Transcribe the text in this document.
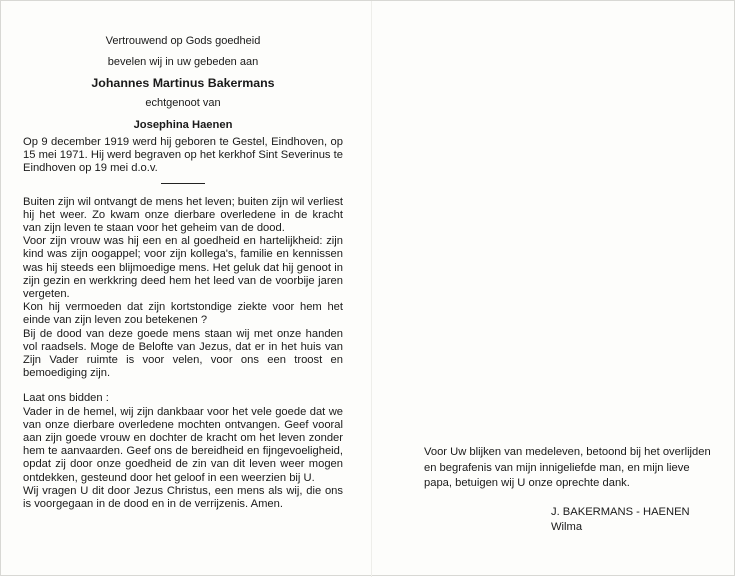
Vertrouwend op Gods goedheid
bevelen wij in uw gebeden aan
Johannes Martinus Bakermans
echtgenoot van
Josephina Haenen

Op 9 december 1919 werd hij geboren te Gestel, Eindhoven, op 15 mei 1971. Hij werd begraven op het kerkhof Sint Severinus te Eindhoven op 19 mei d.o.v.

Buiten zijn wil ontvangt de mens het leven; buiten zijn wil verliest hij het weer. Zo kwam onze dierbare overledene in de kracht van zijn leven te staan voor het geheim van de dood.

Voor zijn vrouw was hij een en al goedheid en hartelijkheid: zijn kind was zijn oogappel; voor zijn kollega's, familie en kennissen was hij steeds een blijmoedige mens. Het geluk dat hij genoot in zijn gezin en werkkring deed hem het leed van de voorbije jaren vergeten.

Kon hij vermoeden dat zijn kortstondige ziekte voor hem het einde van zijn leven zou betekenen ?

Bij de dood van deze goede mens staan wij met onze handen vol raadsels. Moge de Belofte van Jezus, dat er in het huis van Zijn Vader ruimte is voor velen, voor ons een troost en bemoediging zijn.

Laat ons bidden :

Vader in de hemel, wij zijn dankbaar voor het vele goede dat we van onze dierbare overledene mochten ontvangen. Geef vooral aan zijn goede vrouw en dochter de kracht om het leven zonder hem te aanvaarden. Geef ons de bereidheid en fijngevoeligheid, opdat zij door onze goedheid de zin van dit leven weer mogen ontdekken, gesteund door het geloof in een weerzien bij U.

Wij vragen U dit door Jezus Christus, een mens als wij, die ons is voorgegaan in de dood en in de verrijzenis. Amen.

Voor Uw blijken van medeleven, betoond bij het overlijden en begrafenis van mijn innigeliefde man, en mijn lieve papa, betuigen wij U onze oprechte dank.

J. BAKERMANS - HAENEN
Wilma
